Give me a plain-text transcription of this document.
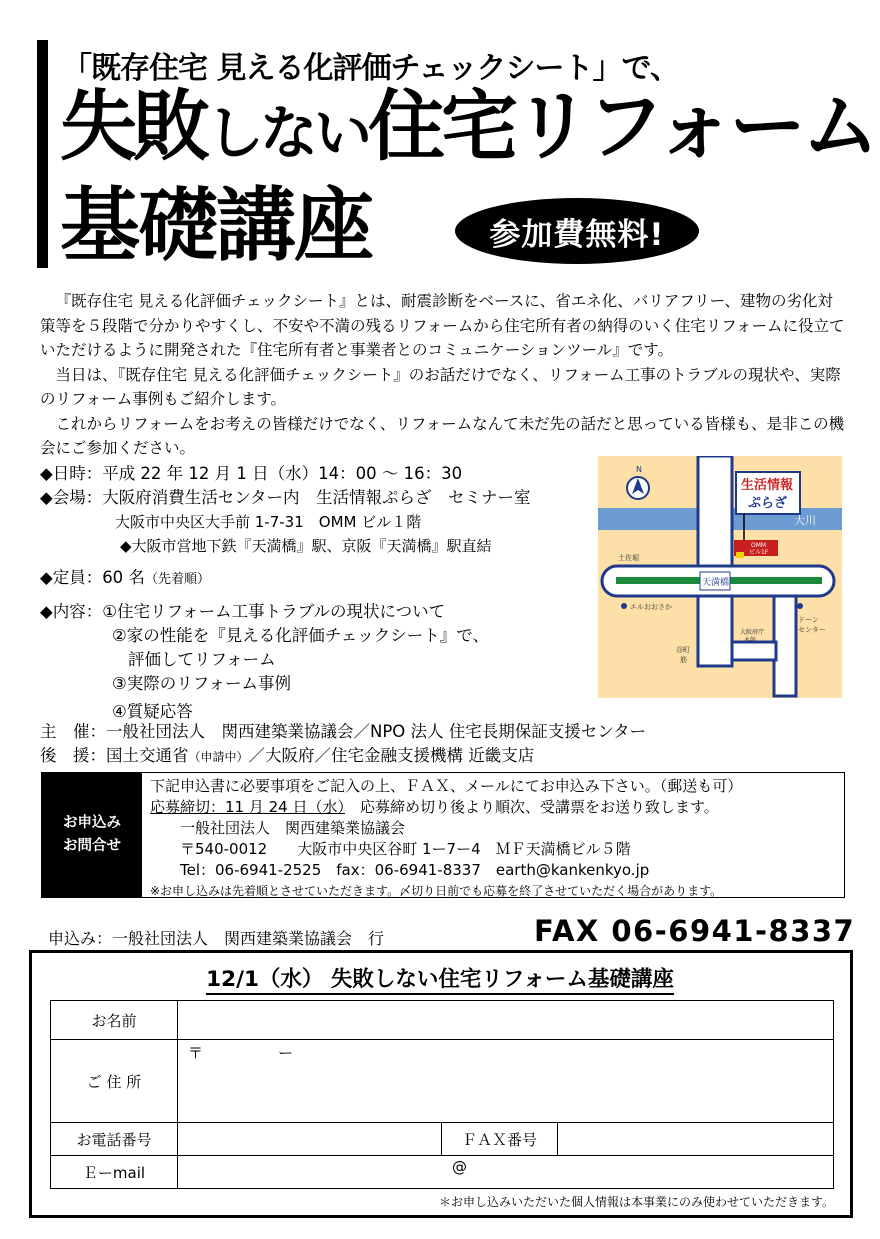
「既存住宅 見える化評価チェックシート」で、
失敗しない住宅リフォーム
基礎講座	参加費無料!

『既存住宅 見える化評価チェックシート』とは、耐震診断をベースに、省エネ化、バリアフリー、建物の劣化対策等を５段階で分かりやすくし、不安や不満の残るリフォームから住宅所有者の納得のいく住宅リフォームに役立ていただけるように開発された『住宅所有者と事業者とのコミュニケーションツール』です。

当日は、『既存住宅 見える化評価チェックシート』のお話だけでなく、リフォーム工事のトラブルの現状や、実際のリフォーム事例もご紹介します。

これからリフォームをお考えの皆様だけでなく、リフォームなんて未だ先の話だと思っている皆様も、是非この機会にご参加ください。

◆日時：平成 22 年 12 月 1 日（水）14：00 ～ 16：30
◆会場：大阪府消費生活センター内　生活情報ぷらざ　セミナー室
大阪市中央区大手前 1-7-31　OMM ビル１階
◆大阪市営地下鉄『天満橋』駅、京阪『天満橋』駅直結
◆定員：60 名（先着順）
◆内容：①住宅リフォーム工事トラブルの現状について
②家の性能を『見える化評価チェックシート』で、
評価してリフォーム
③実際のリフォーム事例
④質疑応答
N
生活情報
ぷらざ
OMM
ビル1F
大川
天満橋
土佐堀
エルおおさか
ドーン
センター
大阪府庁
本館
谷町
筋
主　催：一般社団法人　関西建築業協議会／NPO 法人 住宅長期保証支援センター
後　援：国土交通省（申請中）／大阪府／住宅金融支援機構 近畿支店
お申込み
お問合せ
下記申込書に必要事項をご記入の上、ＦＡＸ、メールにてお申込み下さい。（郵送も可）
応募締切：11 月 24 日（水）　応募締め切り後より順次、受講票をお送り致します。
一般社団法人　関西建築業協議会
〒540-0012　　大阪市中央区谷町 1ー7ー4　ＭＦ天満橋ビル５階
Tel：06-6941-2525　fax：06-6941-8337　earth@kankenkyo.jp
※お申し込みは先着順とさせていただきます。〆切り日前でも応募を終了させていただく場合があります。
申込み：一般社団法人　関西建築業協議会　行	FAX 06-6941-8337
12/1（水） 失敗しない住宅リフォーム基礎講座
お名前			
ご 住 所	〒　　　　　ー		
お電話番号		ＦＡＸ番号	
Ｅーmail	@		
＊お申し込みいただいた個人情報は本事業にのみ使わせていただきます。
